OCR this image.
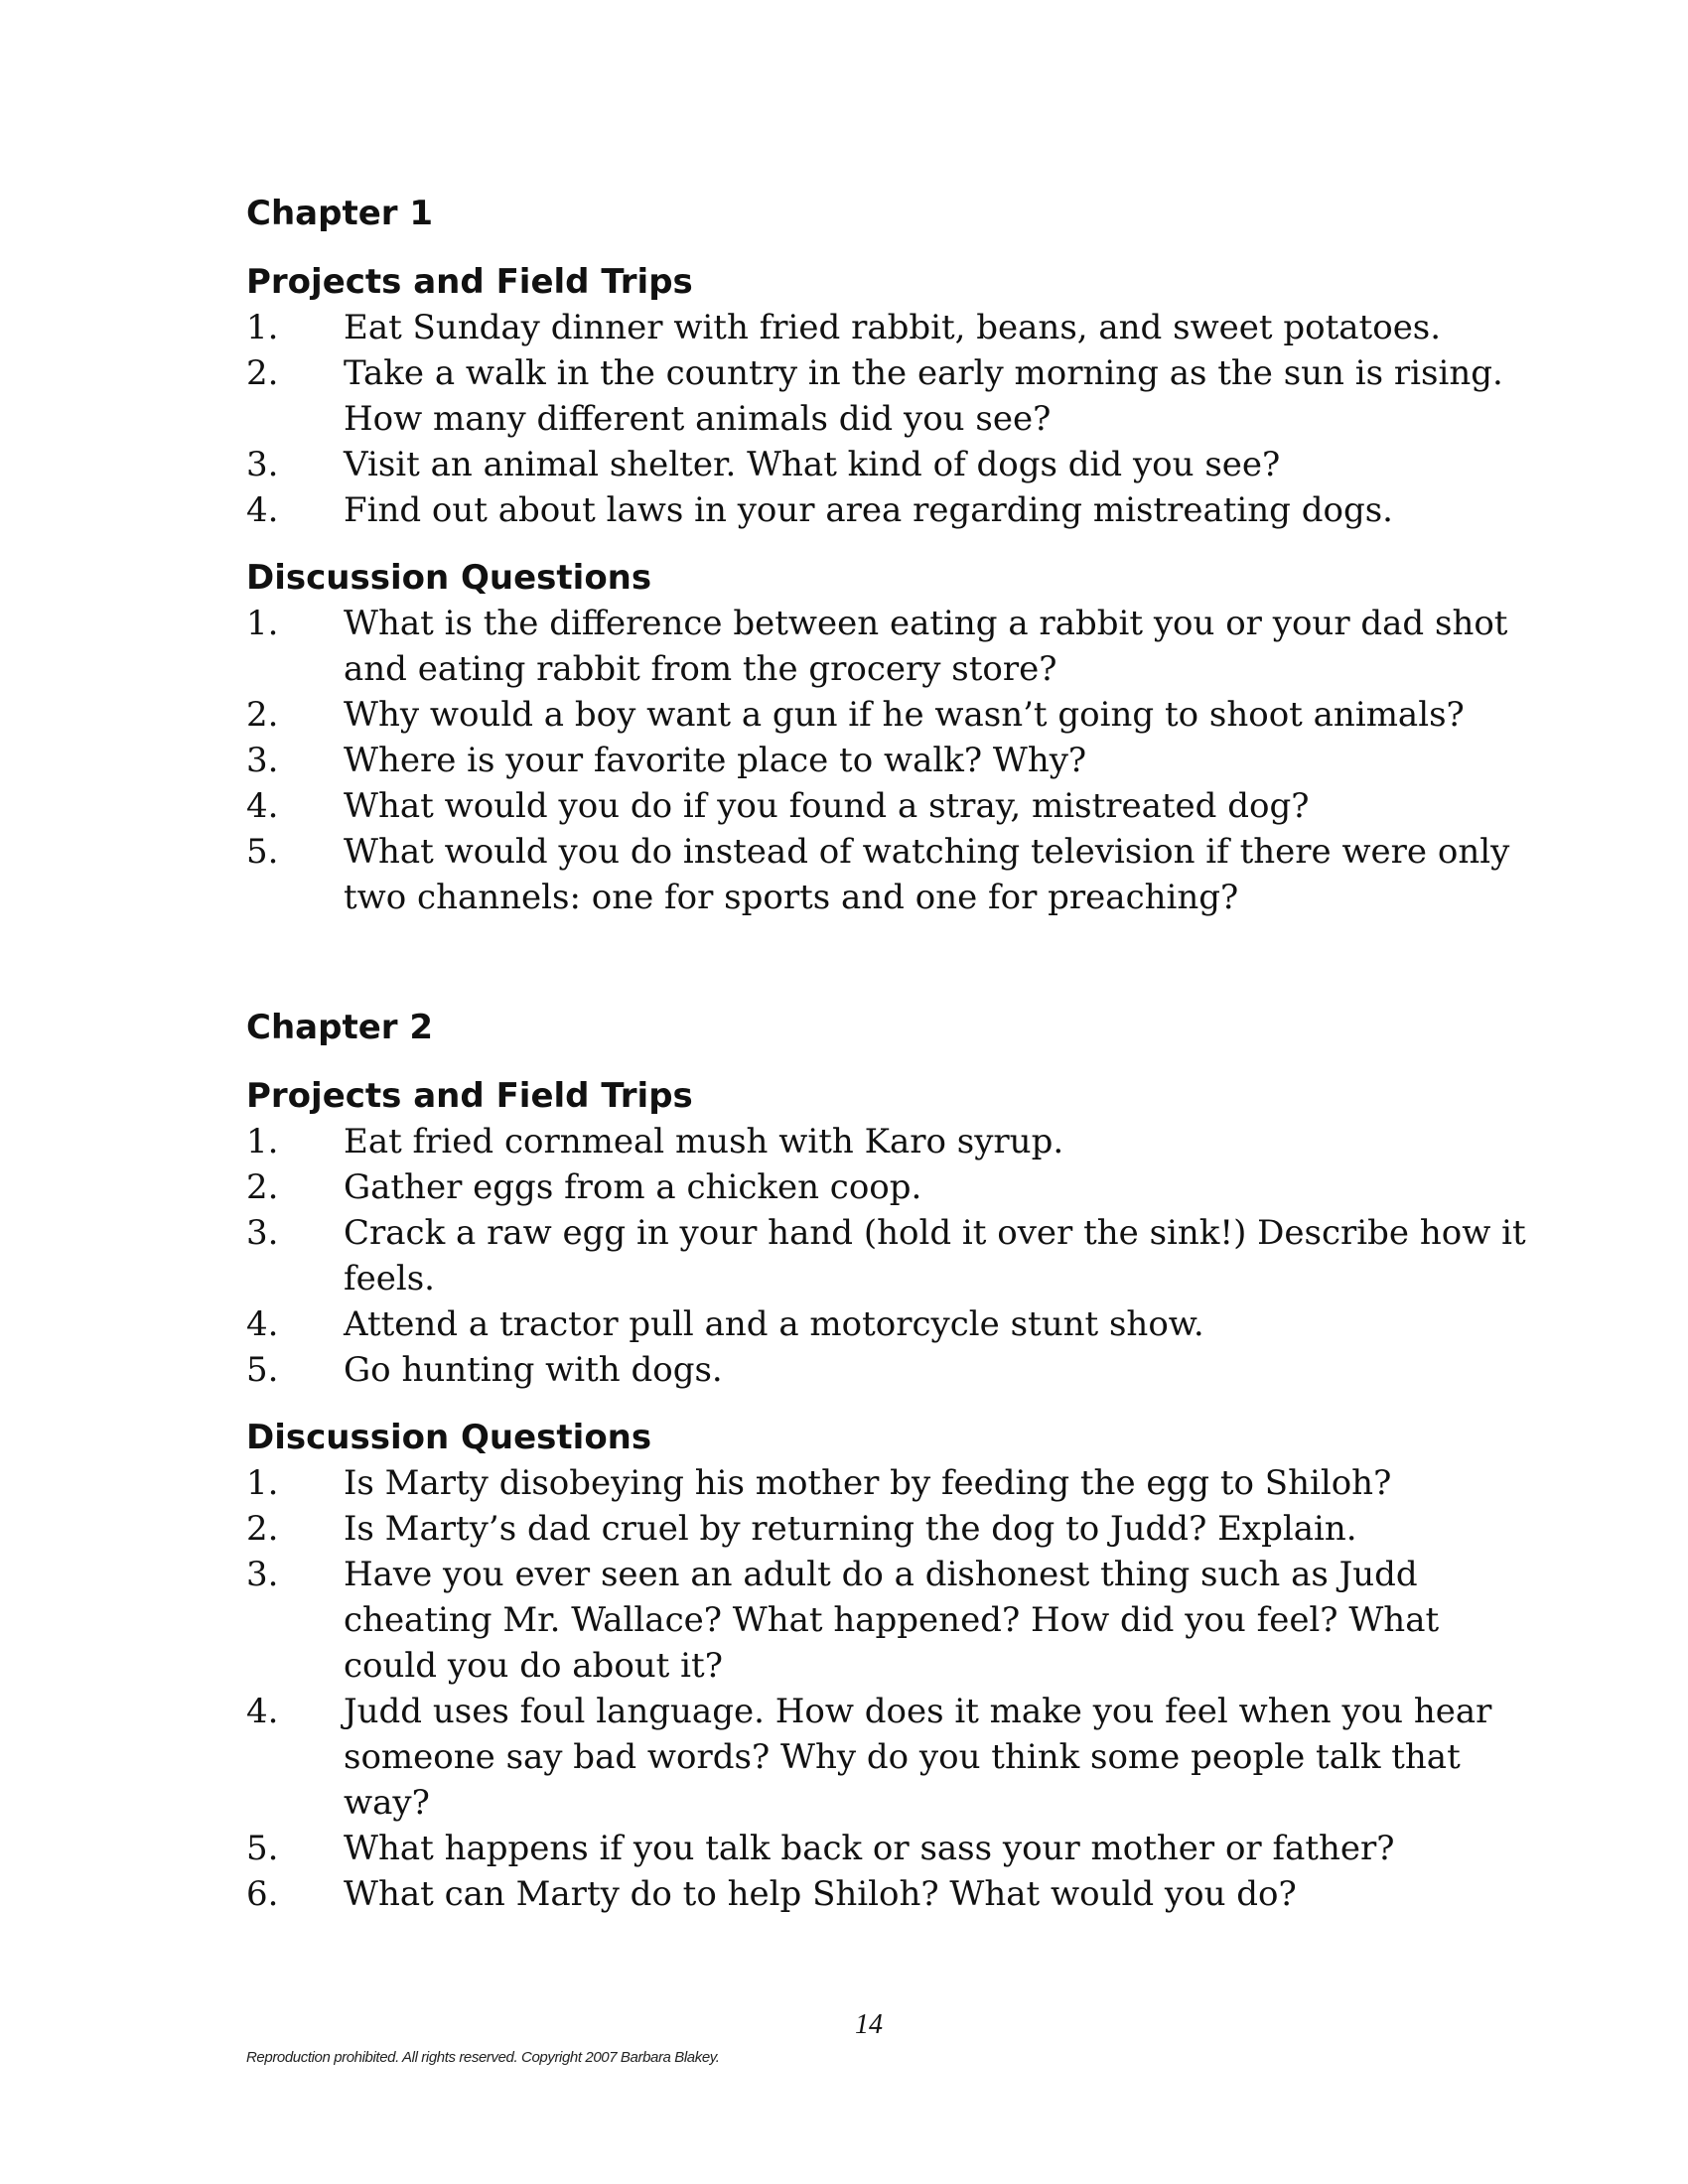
Chapter 1
Projects and Field Trips
1.	Eat Sunday dinner with fried rabbit, beans, and sweet potatoes.
2.	Take a walk in the country in the early morning as the sun is rising. How many different animals did you see?
3.	Visit an animal shelter. What kind of dogs did you see?
4.	Find out about laws in your area regarding mistreating dogs.
Discussion Questions
1.	What is the difference between eating a rabbit you or your dad shot and eating rabbit from the grocery store?
2.	Why would a boy want a gun if he wasn’t going to shoot animals?
3.	Where is your favorite place to walk? Why?
4.	What would you do if you found a stray, mistreated dog?
5.	What would you do instead of watching television if there were only two channels: one for sports and one for preaching?
Chapter 2
Projects and Field Trips
1.	Eat fried cornmeal mush with Karo syrup.
2.	Gather eggs from a chicken coop.
3.	Crack a raw egg in your hand (hold it over the sink!) Describe how it feels.
4.	Attend a tractor pull and a motorcycle stunt show.
5.	Go hunting with dogs.
Discussion Questions
1.	Is Marty disobeying his mother by feeding the egg to Shiloh?
2.	Is Marty’s dad cruel by returning the dog to Judd? Explain.
3.	Have you ever seen an adult do a dishonest thing such as Judd cheating Mr. Wallace? What happened? How did you feel? What could you do about it?
4.	Judd uses foul language. How does it make you feel when you hear someone say bad words? Why do you think some people talk that way?
5.	What happens if you talk back or sass your mother or father?
6.	What can Marty do to help Shiloh? What would you do?
14
Reproduction prohibited. All rights reserved. Copyright 2007 Barbara Blakey.
